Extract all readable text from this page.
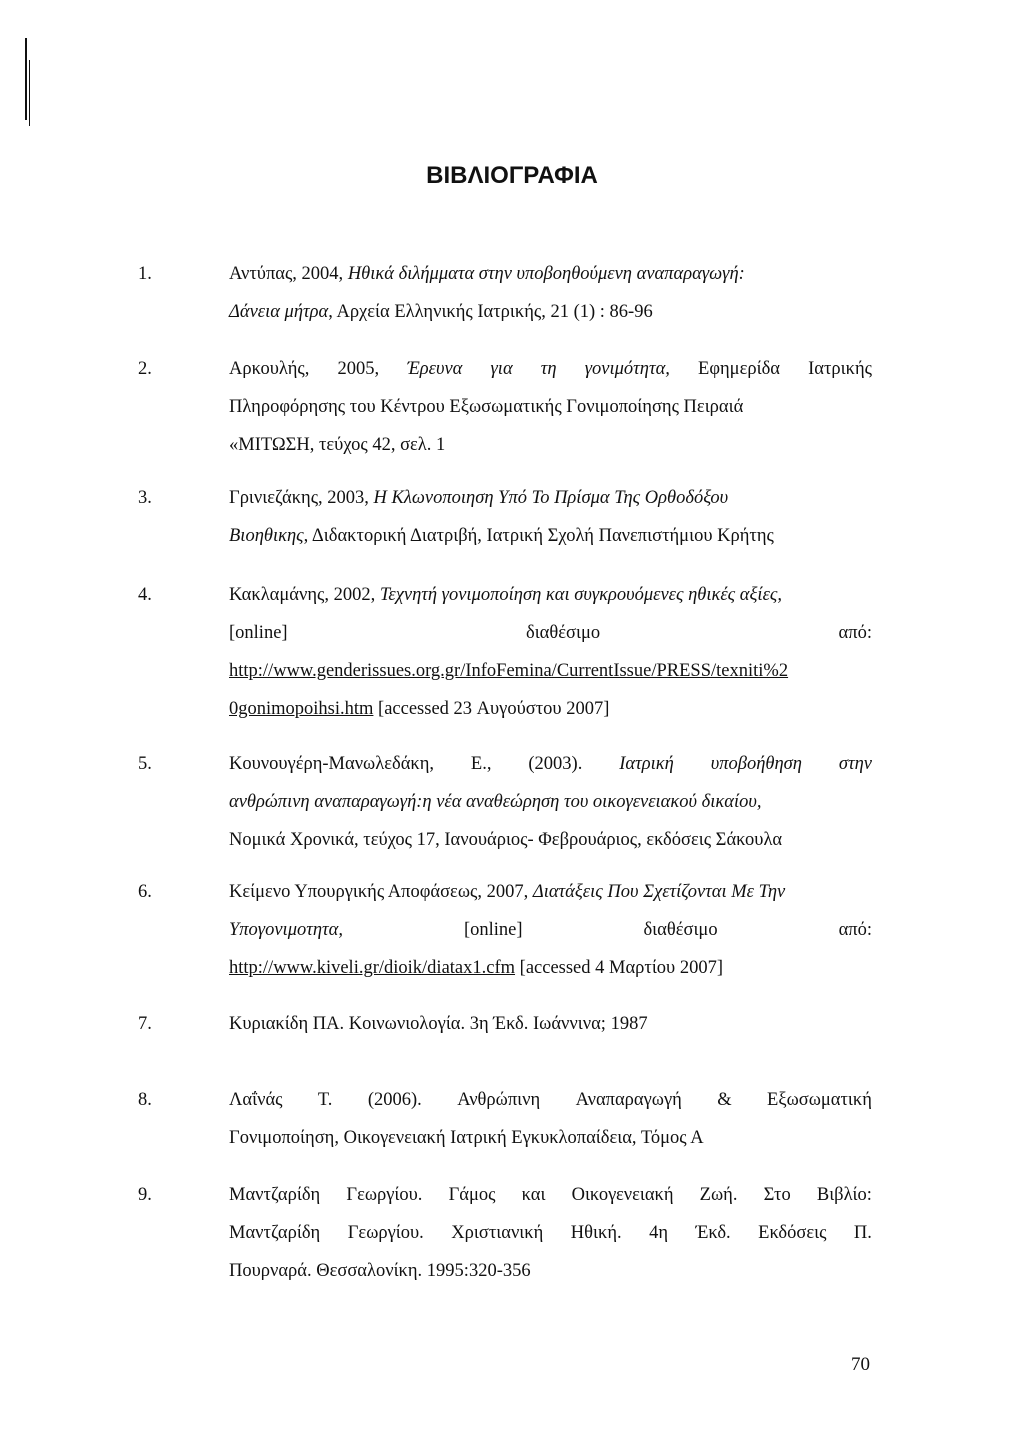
ΒΙΒΛΙΟΓΡΑΦΙΑ
1.	Αντύπας, 2004, Ηθικά διλήμματα στην υποβοηθούμενη αναπαραγωγή:
Δάνεια μήτρα, Αρχεία Ελληνικής Ιατρικής, 21 (1) : 86-96
2.	Αρκουλής, 2005, Έρευνα για τη γονιμότητα, Εφημερίδα Ιατρικής
Πληροφόρησης του Κέντρου Εξωσωματικής Γονιμοποίησης Πειραιά
«ΜΙΤΩΣΗ, τεύχος 42, σελ. 1
3.	Γρινιεζάκης, 2003, Η Κλωνοποιηση Υπό Το Πρίσμα Της Ορθοδόξου
Βιοηθικης, Διδακτορική Διατριβή, Ιατρική Σχολή Πανεπιστήμιου Κρήτης
4.	Κακλαμάνης, 2002, Τεχνητή γονιμοποίηση και συγκρουόμενες ηθικές αξίες,
[online]	διαθέσιμο	από:
http://www.genderissues.org.gr/InfoFemina/CurrentIssue/PRESS/texniti%2
0gonimopoihsi.htm [accessed 23 Αυγούστου 2007]
5.	Κουνουγέρη-Μανωλεδάκη, Ε., (2003). Ιατρική υποβοήθηση στην
ανθρώπινη αναπαραγωγή:η νέα αναθεώρηση του οικογενειακού δικαίου,
Νομικά Χρονικά, τεύχος 17, Ιανουάριος- Φεβρουάριος, εκδόσεις Σάκουλα
6.	Κείμενο Υπουργικής Αποφάσεως, 2007, Διατάξεις Που Σχετίζονται Με Την
Υπογονιμοτητα,	[online]	διαθέσιμο	από:
http://www.kiveli.gr/dioik/diatax1.cfm [accessed 4 Μαρτίου 2007]
7.	Κυριακίδη ΠΑ. Κοινωνιολογία. 3η Έκδ. Ιωάννινα; 1987
8.	Λαΐνάς Τ. (2006). Ανθρώπινη Αναπαραγωγή & Εξωσωματική
Γονιμοποίηση, Οικογενειακή Ιατρική Εγκυκλοπαίδεια, Τόμος Α
9.	Μαντζαρίδη Γεωργίου. Γάμος και Οικογενειακή Ζωή. Στο Βιβλίο:
Μαντζαρίδη Γεωργίου. Χριστιανική Ηθική. 4η Έκδ. Εκδόσεις Π.
Πουρναρά. Θεσσαλονίκη. 1995:320-356
70
